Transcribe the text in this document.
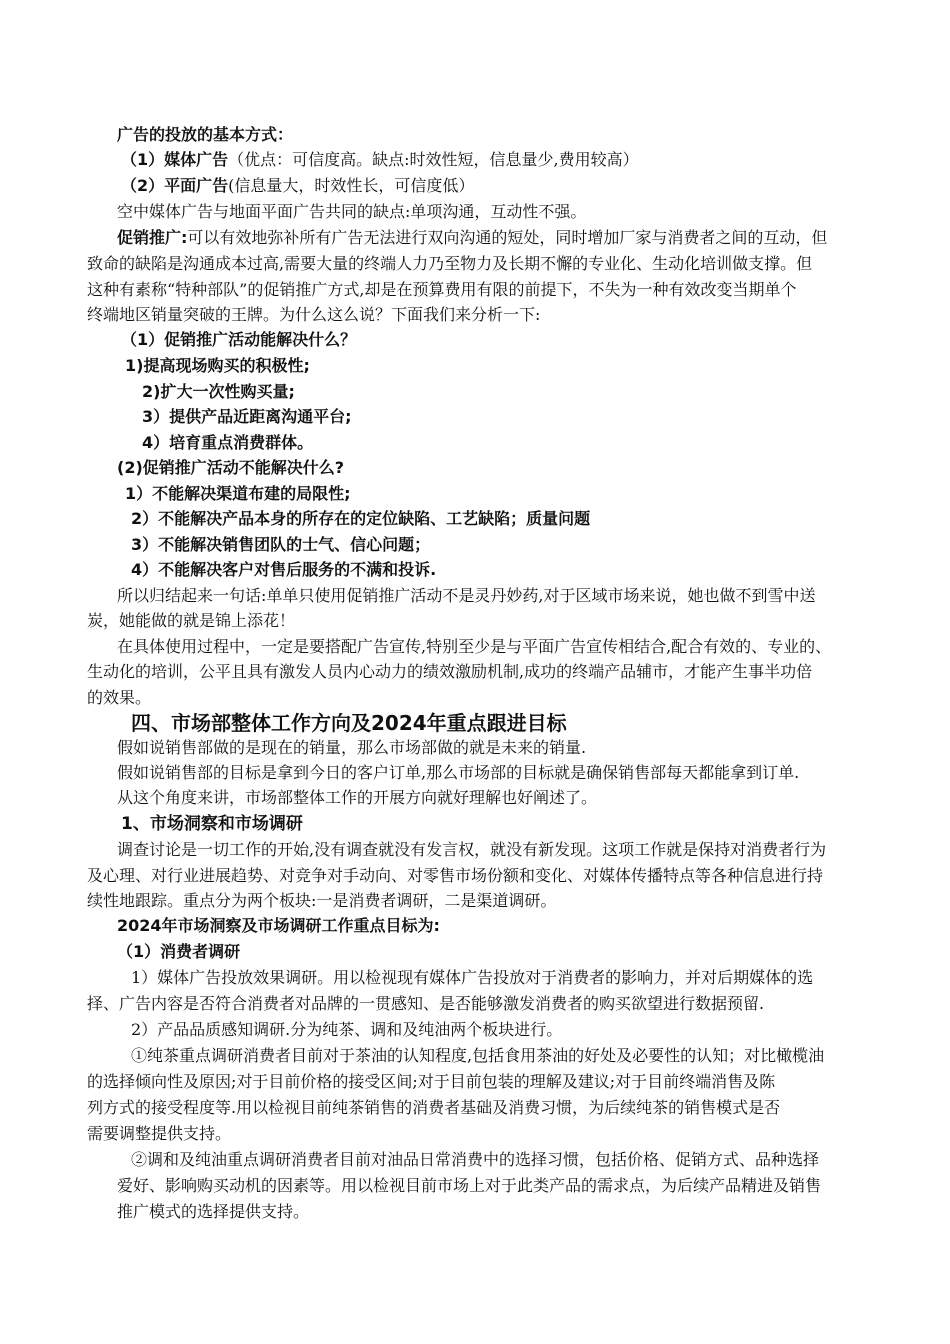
广告的投放的基本方式：
（1）媒体广告（优点：可信度高。缺点:时效性短，信息量少,费用较高）
（2）平面广告(信息量大，时效性长，可信度低）
空中媒体广告与地面平面广告共同的缺点:单项沟通，互动性不强。
促销推广:可以有效地弥补所有广告无法进行双向沟通的短处，同时增加厂家与消费者之间的互动，但
致命的缺陷是沟通成本过高,需要大量的终端人力乃至物力及长期不懈的专业化、生动化培训做支撑。但
这种有素称“特种部队”的促销推广方式,却是在预算费用有限的前提下，不失为一种有效改变当期单个
终端地区销量突破的王牌。为什么这么说？下面我们来分析一下:
（1）促销推广活动能解决什么？
1)提高现场购买的积极性;
2)扩大一次性购买量;
3）提供产品近距离沟通平台;
4）培育重点消费群体。
(2)促销推广活动不能解决什么?
1）不能解决渠道布建的局限性;
2）不能解决产品本身的所存在的定位缺陷、工艺缺陷；质量问题
3）不能解决销售团队的士气、信心问题；
4）不能解决客户对售后服务的不满和投诉.
所以归结起来一句话:单单只使用促销推广活动不是灵丹妙药,对于区域市场来说，她也做不到雪中送
炭，她能做的就是锦上添花！
在具体使用过程中，一定是要搭配广告宣传,特别至少是与平面广告宣传相结合,配合有效的、专业的、
生动化的培训，公平且具有激发人员内心动力的绩效激励机制,成功的终端产品辅市，才能产生事半功倍
的效果。
四、市场部整体工作方向及2024年重点跟进目标
假如说销售部做的是现在的销量，那么市场部做的就是未来的销量.
假如说销售部的目标是拿到今日的客户订单,那么市场部的目标就是确保销售部每天都能拿到订单.
从这个角度来讲，市场部整体工作的开展方向就好理解也好阐述了。
1、市场洞察和市场调研
调查讨论是一切工作的开始,没有调查就没有发言权，就没有新发现。这项工作就是保持对消费者行为
及心理、对行业进展趋势、对竞争对手动向、对零售市场份额和变化、对媒体传播特点等各种信息进行持
续性地跟踪。重点分为两个板块:一是消费者调研，二是渠道调研。
2024年市场洞察及市场调研工作重点目标为:
（1）消费者调研
1）媒体广告投放效果调研。用以检视现有媒体广告投放对于消费者的影响力，并对后期媒体的选
择、广告内容是否符合消费者对品牌的一贯感知、是否能够激发消费者的购买欲望进行数据预留.
2）产品品质感知调研.分为纯茶、调和及纯油两个板块进行。
①纯茶重点调研消费者目前对于茶油的认知程度,包括食用茶油的好处及必要性的认知；对比橄榄油
的选择倾向性及原因;对于目前价格的接受区间;对于目前包装的理解及建议;对于目前终端消售及陈
列方式的接受程度等.用以检视目前纯茶销售的消费者基础及消费习惯，为后续纯茶的销售模式是否
需要调整提供支持。
②调和及纯油重点调研消费者目前对油品日常消费中的选择习惯，包括价格、促销方式、品种选择
爱好、影响购买动机的因素等。用以检视目前市场上对于此类产品的需求点，为后续产品精进及销售
推广模式的选择提供支持。
